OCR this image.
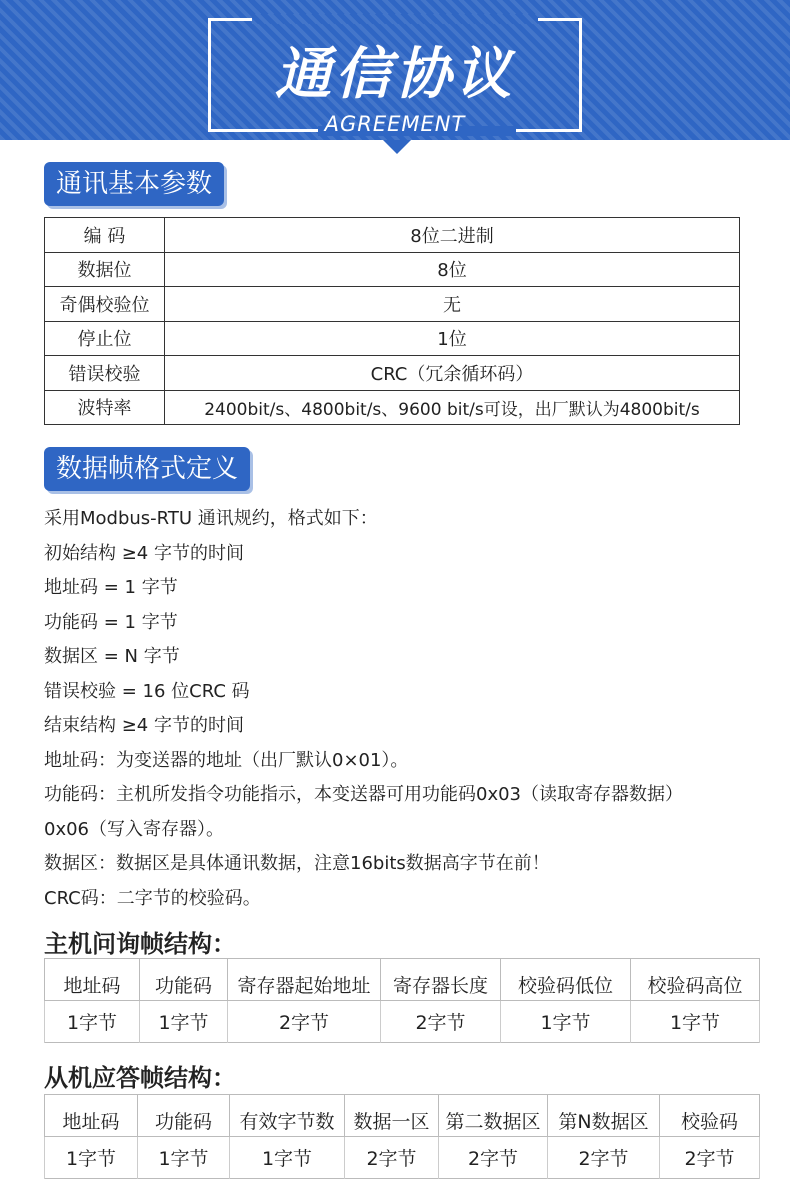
通信协议
AGREEMENT
通讯基本参数
编 码	8位二进制
数据位	8位
奇偶校验位	无
停止位	1位
错误校验	CRC（冗余循环码）
波特率	2400bit/s、4800bit/s、9600 bit/s可设，出厂默认为4800bit/s
数据帧格式定义
采用Modbus-RTU 通讯规约，格式如下：
初始结构 ≥4 字节的时间
地址码 = 1 字节
功能码 = 1 字节
数据区 = N 字节
错误校验 = 16 位CRC 码
结束结构 ≥4 字节的时间
地址码：为变送器的地址（出厂默认0×01）。
功能码：主机所发指令功能指示，本变送器可用功能码0x03（读取寄存器数据）
0x06（写入寄存器）。
数据区：数据区是具体通讯数据，注意16bits数据高字节在前！
CRC码：二字节的校验码。
主机问询帧结构：
地址码	功能码	寄存器起始地址	寄存器长度	校验码低位	校验码高位
1字节	1字节	2字节	2字节	1字节	1字节
从机应答帧结构：
地址码	功能码	有效字节数	数据一区	第二数据区	第N数据区	校验码
1字节	1字节	1字节	2字节	2字节	2字节	2字节
